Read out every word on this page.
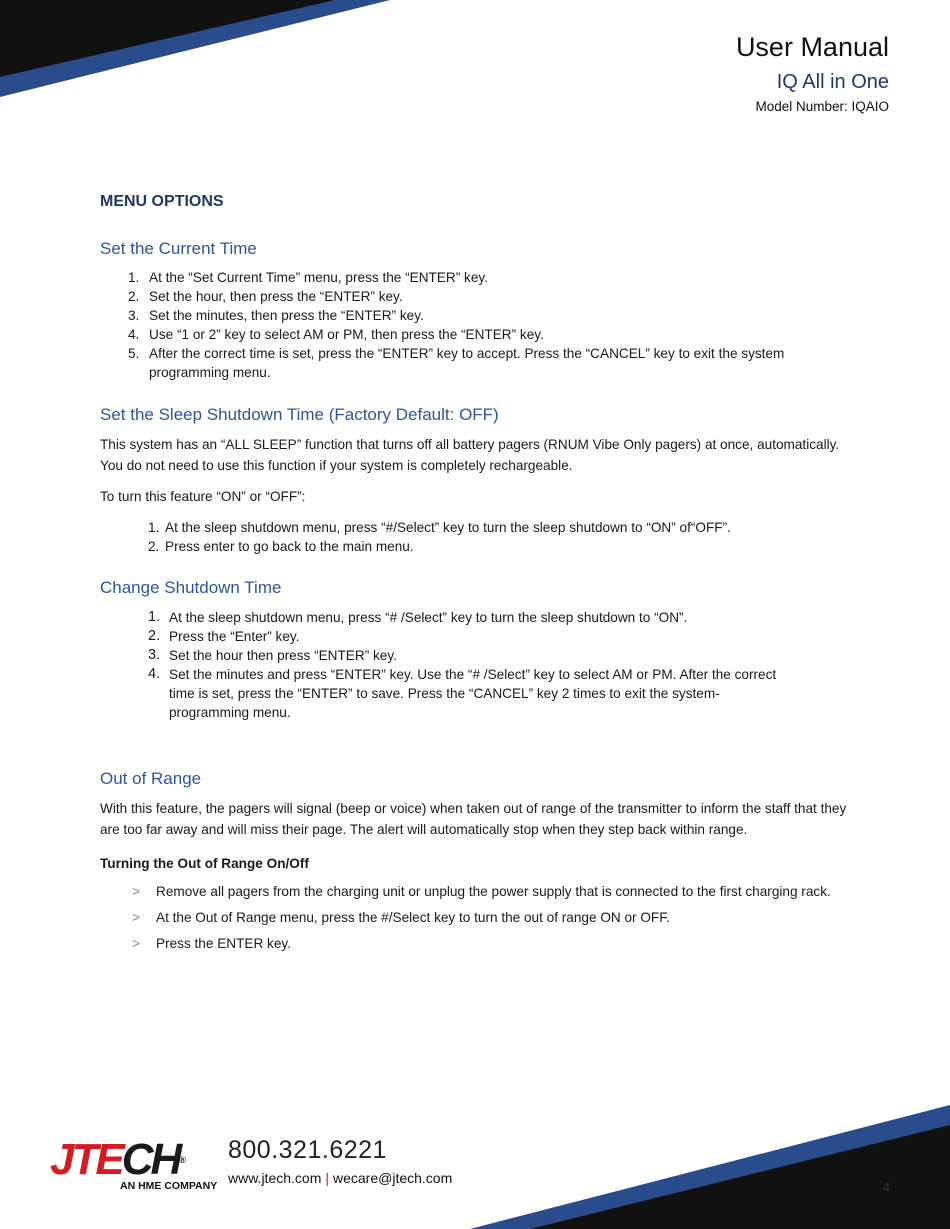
User Manual
IQ All in One
Model Number: IQAIO
MENU OPTIONS
Set the Current Time
1. At the “Set Current Time” menu, press the “ENTER” key.
2. Set the hour, then press the “ENTER” key.
3. Set the minutes, then press the “ENTER” key.
4. Use “1 or 2” key to select AM or PM, then press the “ENTER” key.
5. After the correct time is set, press the “ENTER” key to accept. Press the “CANCEL” key to exit the system programming menu.
Set the Sleep Shutdown Time (Factory Default: OFF)
This system has an “ALL SLEEP” function that turns off all battery pagers (RNUM Vibe Only pagers) at once, automatically. You do not need to use this function if your system is completely rechargeable.
To turn this feature “ON” or “OFF”:
1. At the sleep shutdown menu, press “#/Select” key to turn the sleep shutdown to “ON” of“OFF”.
2. Press enter to go back to the main menu.
Change Shutdown Time
1. At the sleep shutdown menu, press “# /Select” key to turn the sleep shutdown to “ON”.
2. Press the “Enter” key.
3. Set the hour then press “ENTER” key.
4. Set the minutes and press “ENTER” key. Use the “# /Select” key to select AM or PM. After the correct time is set, press the “ENTER” to save. Press the “CANCEL” key 2 times to exit the system-programming menu.
Out of Range
With this feature, the pagers will signal (beep or voice) when taken out of range of the transmitter to inform the staff that they are too far away and will miss their page. The alert will automatically stop when they step back within range.
Turning the Out of Range On/Off
> Remove all pagers from the charging unit or unplug the power supply that is connected to the first charging rack.
> At the Out of Range menu, press the #/Select key to turn the out of range ON or OFF.
> Press the ENTER key.
JTECH®
AN HME COMPANY
800.321.6221
www.jtech.com | wecare@jtech.com
4
